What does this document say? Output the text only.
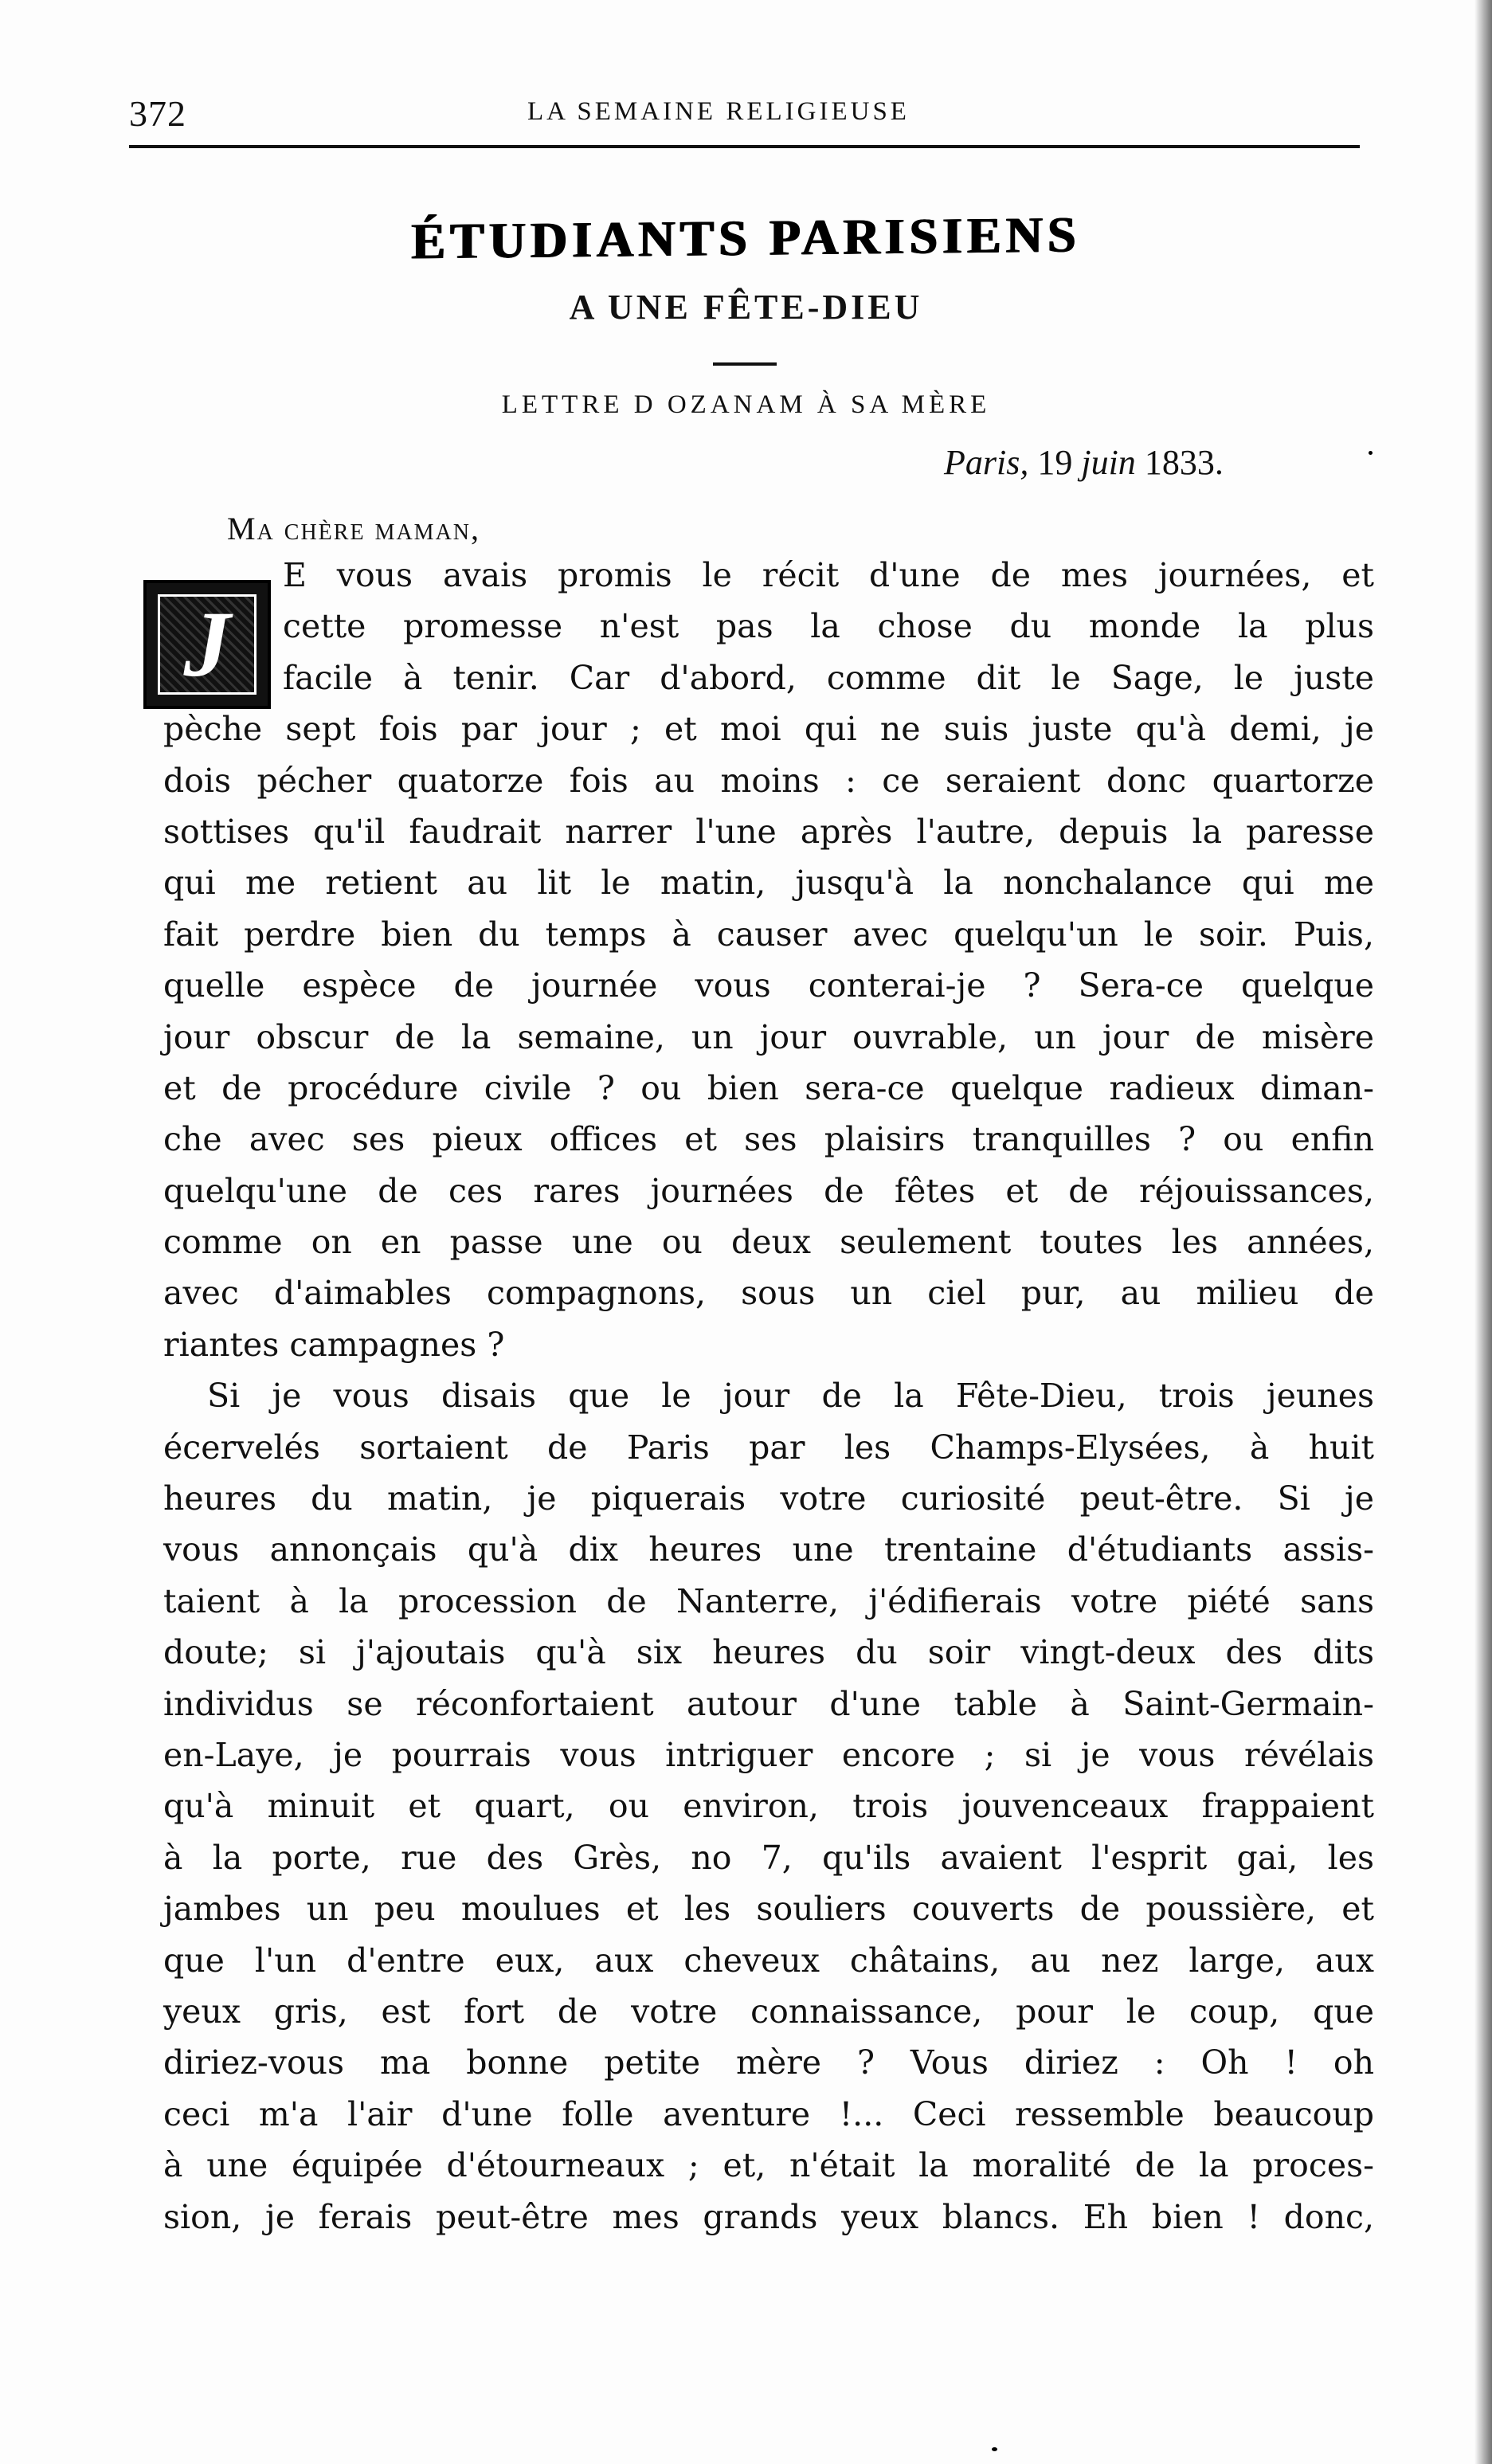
372	LA SEMAINE RELIGIEUSE
ÉTUDIANTS PARISIENS
A UNE FÊTE-DIEU
LETTRE D OZANAM À SA MÈRE
Paris, 19 juin 1833.
Ma chère maman,
J
E vous avais promis le récit d'une de mes journées, et
cette promesse n'est pas la chose du monde la plus
facile à tenir. Car d'abord, comme dit le Sage, le juste
pèche sept fois par jour ; et moi qui ne suis juste qu'à demi, je
dois pécher quatorze fois au moins : ce seraient donc quartorze
sottises qu'il faudrait narrer l'une après l'autre, depuis la paresse
qui me retient au lit le matin, jusqu'à la nonchalance qui me
fait perdre bien du temps à causer avec quelqu'un le soir. Puis,
quelle espèce de journée vous conterai-je ? Sera-ce quelque
jour obscur de la semaine, un jour ouvrable, un jour de misère
et de procédure civile ? ou bien sera-ce quelque radieux diman-
che avec ses pieux offices et ses plaisirs tranquilles ? ou enfin
quelqu'une de ces rares journées de fêtes et de réjouissances,
comme on en passe une ou deux seulement toutes les années,
avec d'aimables compagnons, sous un ciel pur, au milieu de
riantes campagnes ?
Si je vous disais que le jour de la Fête-Dieu, trois jeunes
écervelés sortaient de Paris par les Champs-Elysées, à huit
heures du matin, je piquerais votre curiosité peut-être. Si je
vous annonçais qu'à dix heures une trentaine d'étudiants assis-
taient à la procession de Nanterre, j'édifierais votre piété sans
doute; si j'ajoutais qu'à six heures du soir vingt-deux des dits
individus se réconfortaient autour d'une table à Saint-Germain-
en-Laye, je pourrais vous intriguer encore ; si je vous révélais
qu'à minuit et quart, ou environ, trois jouvenceaux frappaient
à la porte, rue des Grès, no 7, qu'ils avaient l'esprit gai, les
jambes un peu moulues et les souliers couverts de poussière, et
que l'un d'entre eux, aux cheveux châtains, au nez large, aux
yeux gris, est fort de votre connaissance, pour le coup, que
diriez-vous ma bonne petite mère ? Vous diriez : Oh ! oh
ceci m'a l'air d'une folle aventure !... Ceci ressemble beaucoup
à une équipée d'étourneaux ; et, n'était la moralité de la proces-
sion, je ferais peut-être mes grands yeux blancs. Eh bien ! donc,
